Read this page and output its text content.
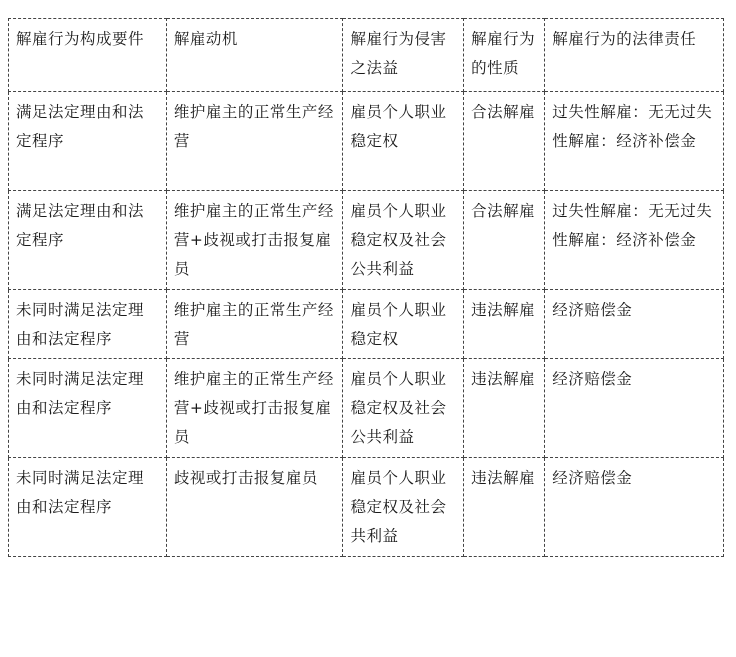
解雇行为构成要件	解雇动机	解雇行为侵害之法益	解雇行为的性质	解雇行为的法律责任
满足法定理由和法定程序	维护雇主的正常生产经营	雇员个人职业稳定权	合法解雇	过失性解雇：无无过失性解雇：经济补偿金
满足法定理由和法定程序	维护雇主的正常生产经营+歧视或打击报复雇员	雇员个人职业稳定权及社会公共利益	合法解雇	过失性解雇：无无过失性解雇：经济补偿金
未同时满足法定理由和法定程序	维护雇主的正常生产经营	雇员个人职业稳定权	违法解雇	经济赔偿金
未同时满足法定理由和法定程序	维护雇主的正常生产经营+歧视或打击报复雇员	雇员个人职业稳定权及社会公共利益	违法解雇	经济赔偿金
未同时满足法定理由和法定程序	歧视或打击报复雇员	雇员个人职业稳定权及社会共利益	违法解雇	经济赔偿金
